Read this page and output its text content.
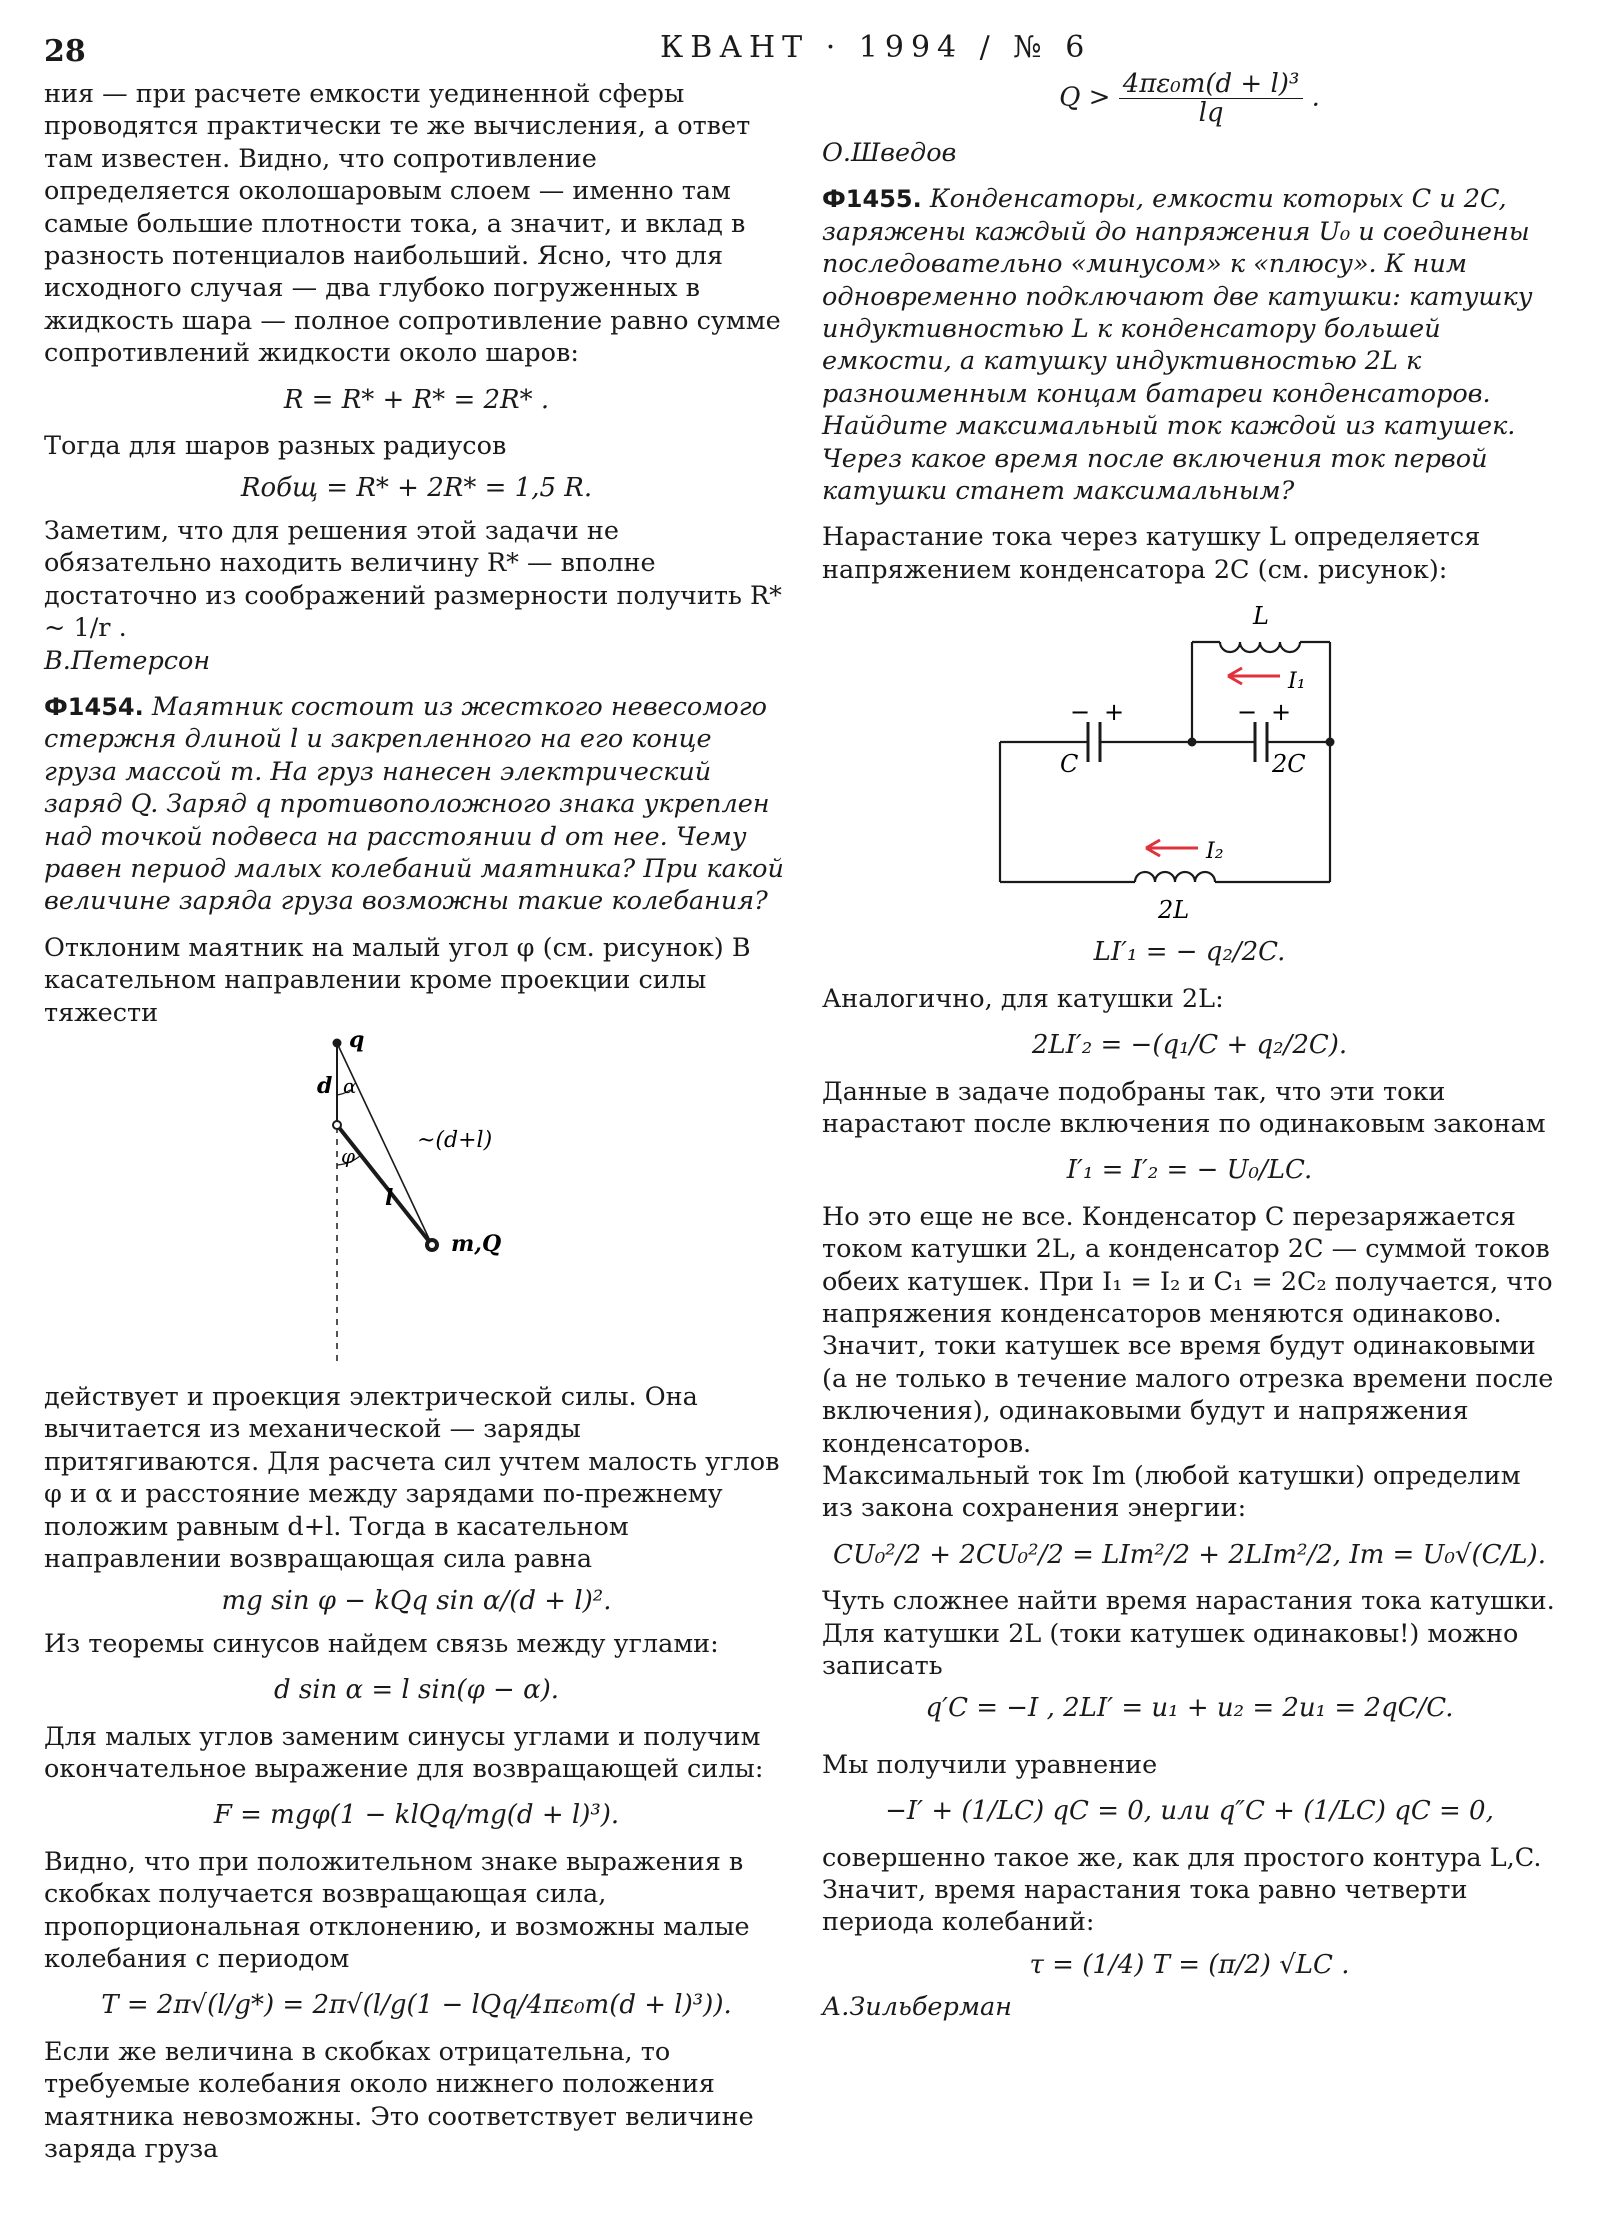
28	КВАНТ · 1994 / № 6

ния — при расчете емкости уединенной сферы проводятся практически те же вычисления, а ответ там известен. Видно, что сопротивление определяется околошаровым слоем — именно там самые большие плотности тока, а значит, и вклад в разность потенциалов наибольший. Ясно, что для исходного случая — два глубоко погруженных в жидкость шара — полное сопротивление равно сумме сопротивлений жидкости около шаров:

R = R* + R* = 2R* .

Тогда для шаров разных радиусов

Rобщ = R* + 2R* = 1,5 R.

Заметим, что для решения этой задачи не обязательно находить величину R* — вполне достаточно из соображений размерности получить R* ~ 1/r .

В.Петерсон

Ф1454. Маятник состоит из жесткого невесомого стержня длиной l и закрепленного на его конце груза массой m. На груз нанесен электрический заряд Q. Заряд q противоположного знака укреплен над точкой подвеса на расстоянии d от нее. Чему равен период малых колебаний маятника? При какой величине заряда груза возможны такие колебания?

Отклоним маятник на малый угол φ (см. рисунок) В касательном направлении кроме проекции силы тяжести

q
d α
φ
l
~(d+l)
m,Q

действует и проекция электрической силы. Она вычитается из механической — заряды притягиваются. Для расчета сил учтем малость углов φ и α и расстояние между зарядами по-прежнему положим равным d+l. Тогда в касательном направлении возвращающая сила равна

mg sin φ − kQq sin α/(d + l)².

Из теоремы синусов найдем связь между углами:

d sin α = l sin(φ − α).

Для малых углов заменим синусы углами и получим окончательное выражение для возвращающей силы:

F = mgφ(1 − klQq/mg(d + l)³).

Видно, что при положительном знаке выражения в скобках получается возвращающая сила, пропорциональная отклонению, и возможны малые колебания с периодом

T = 2π√(l/g*) = 2π√(l/g(1 − lQq/4πε₀m(d + l)³)).

Если же величина в скобках отрицательна, то требуемые колебания около нижнего положения маятника невозможны. Это соответствует величине заряда груза

$Q > \frac{\text{4πε₀m(d + l)³}}{lq}$ .

О.Шведов

Ф1455. Конденсаторы, емкости которых C и 2C, заряжены каждый до напряжения U₀ и соединены последовательно «минусом» к «плюсу». К ним одновременно подключают две катушки: катушку индуктивностью L к конденсатору большей емкости, а катушку индуктивностью 2L к разноименным концам батареи конденсаторов. Найдите максимальный ток каждой из катушек. Через какое время после включения ток первой катушки станет максимальным?

Нарастание тока через катушку L определяется напряжением конденсатора 2C (см. рисунок):

L
I₁
− +
C
− +
2C
I₂
2L
LI′₁ = − q₂/2C.

Аналогично, для катушки 2L:

2LI′₂ = −(q₁/C + q₂/2C).

Данные в задаче подобраны так, что эти токи нарастают после включения по одинаковым законам

I′₁ = I′₂ = − U₀/LC.

Но это еще не все. Конденсатор C перезаряжается током катушки 2L, а конденсатор 2C — суммой токов обеих катушек. При I₁ = I₂ и C₁ = 2C₂ получается, что напряжения конденсаторов меняются одинаково. Значит, токи катушек все время будут одинаковыми (а не только в течение малого отрезка времени после включения), одинаковыми будут и напряжения конденсаторов.

Максимальный ток Im (любой катушки) определим из закона сохранения энергии:

CU₀²/2 + 2CU₀²/2 = LIm²/2 + 2LIm²/2, Im = U₀√(C/L).

Чуть сложнее найти время нарастания тока катушки. Для катушки 2L (токи катушек одинаковы!) можно записать

q′C = −I , 2LI′ = u₁ + u₂ = 2u₁ = 2qC/C.

Мы получили уравнение

−I′ + (1/LC) qC = 0, или q″C + (1/LC) qC = 0,

совершенно такое же, как для простого контура L,C. Значит, время нарастания тока равно четверти периода колебаний:

τ = (1/4) T = (π/2) √LC .

А.Зильберман
